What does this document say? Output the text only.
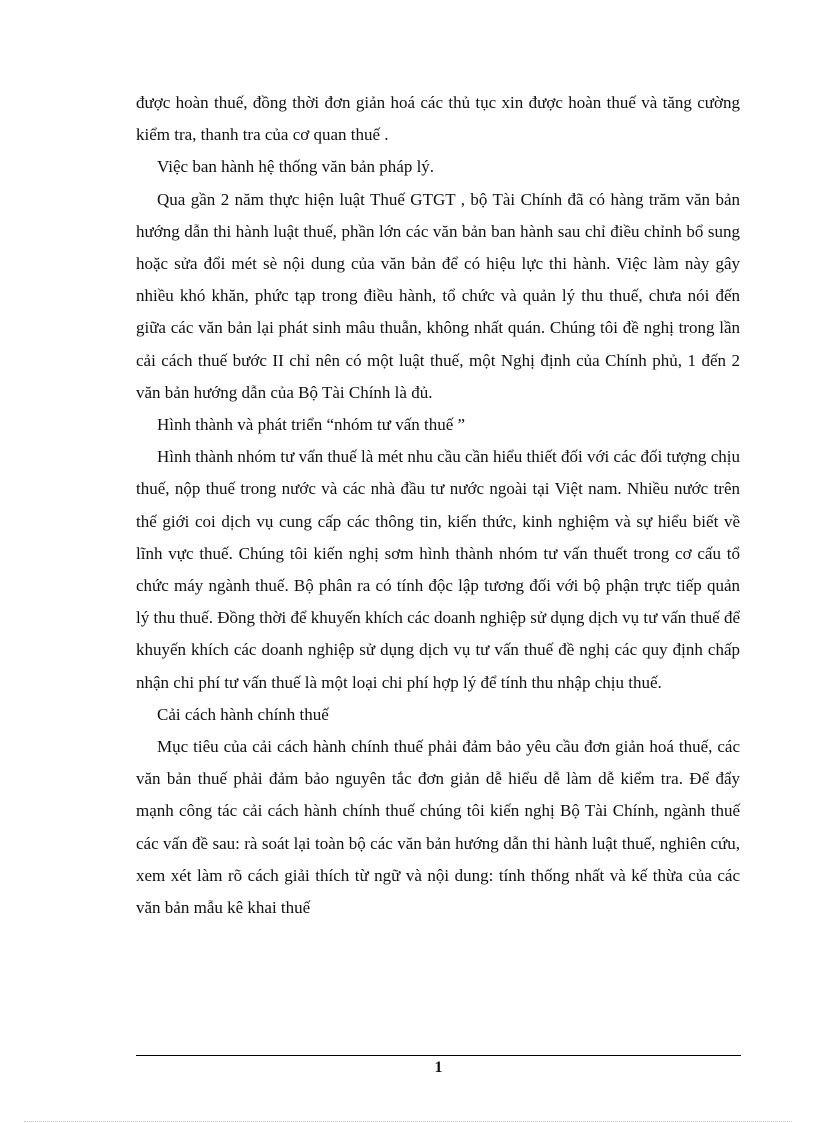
được hoàn thuế, đồng thời đơn giản hoá các thủ tục xin được hoàn thuế và tăng cường kiểm tra, thanh tra của cơ quan thuế .

Việc ban hành hệ thống văn bản pháp lý.

Qua gần 2 năm thực hiện luật Thuế GTGT , bộ Tài Chính đã có hàng trăm văn bản hướng dẫn thi hành luật thuế, phần lớn các văn bản ban hành sau chỉ điều chỉnh bổ sung hoặc sửa đổi mét sè nội dung của văn bản để có hiệu lực thi hành. Việc làm này gây nhiều khó khăn, phức tạp trong điều hành, tổ chức và quản lý thu thuế, chưa nói đến giữa các văn bản lại phát sinh mâu thuẫn, không nhất quán. Chúng tôi đề nghị trong lần cải cách thuế bước II chỉ nên có một luật thuế, một Nghị định của Chính phủ, 1 đến 2 văn bản hướng dẫn của Bộ Tài Chính là đủ.

Hình thành và phát triển “nhóm tư vấn thuế ”

Hình thành nhóm tư vấn thuế là mét nhu cầu cần hiểu thiết đối với các đối tượng chịu thuế, nộp thuế trong nước và các nhà đầu tư nước ngoài tại Việt nam. Nhiều nước trên thế giới coi dịch vụ cung cấp các thông tin, kiến thức, kinh nghiệm và sự hiểu biết về lĩnh vực thuế. Chúng tôi kiến nghị sơm hình thành nhóm tư vấn thuết trong cơ cấu tổ chức máy ngành thuế. Bộ phân ra có tính độc lập tương đối với bộ phận trực tiếp quản lý thu thuế. Đồng thời để khuyến khích các doanh nghiệp sử dụng dịch vụ tư vấn thuế để khuyến khích các doanh nghiệp sử dụng dịch vụ tư vấn thuế đề nghị các quy định chấp nhận chi phí tư vấn thuế là một loại chi phí hợp lý để tính thu nhập chịu thuế.

Cải cách hành chính thuế

Mục tiêu của cải cách hành chính thuế phải đảm bảo yêu cầu đơn giản hoá thuế, các văn bản thuế phải đảm bảo nguyên tắc đơn giản dễ hiểu dễ làm dễ kiểm tra. Để đẩy mạnh công tác cải cách hành chính thuế chúng tôi kiến nghị Bộ Tài Chính, ngành thuế các vấn đề sau: rà soát lại toàn bộ các văn bản hướng dẫn thi hành luật thuế, nghiên cứu, xem xét làm rõ cách giải thích từ ngữ và nội dung: tính thống nhất và kế thừa của các văn bản mẫu kê khai thuế

1
